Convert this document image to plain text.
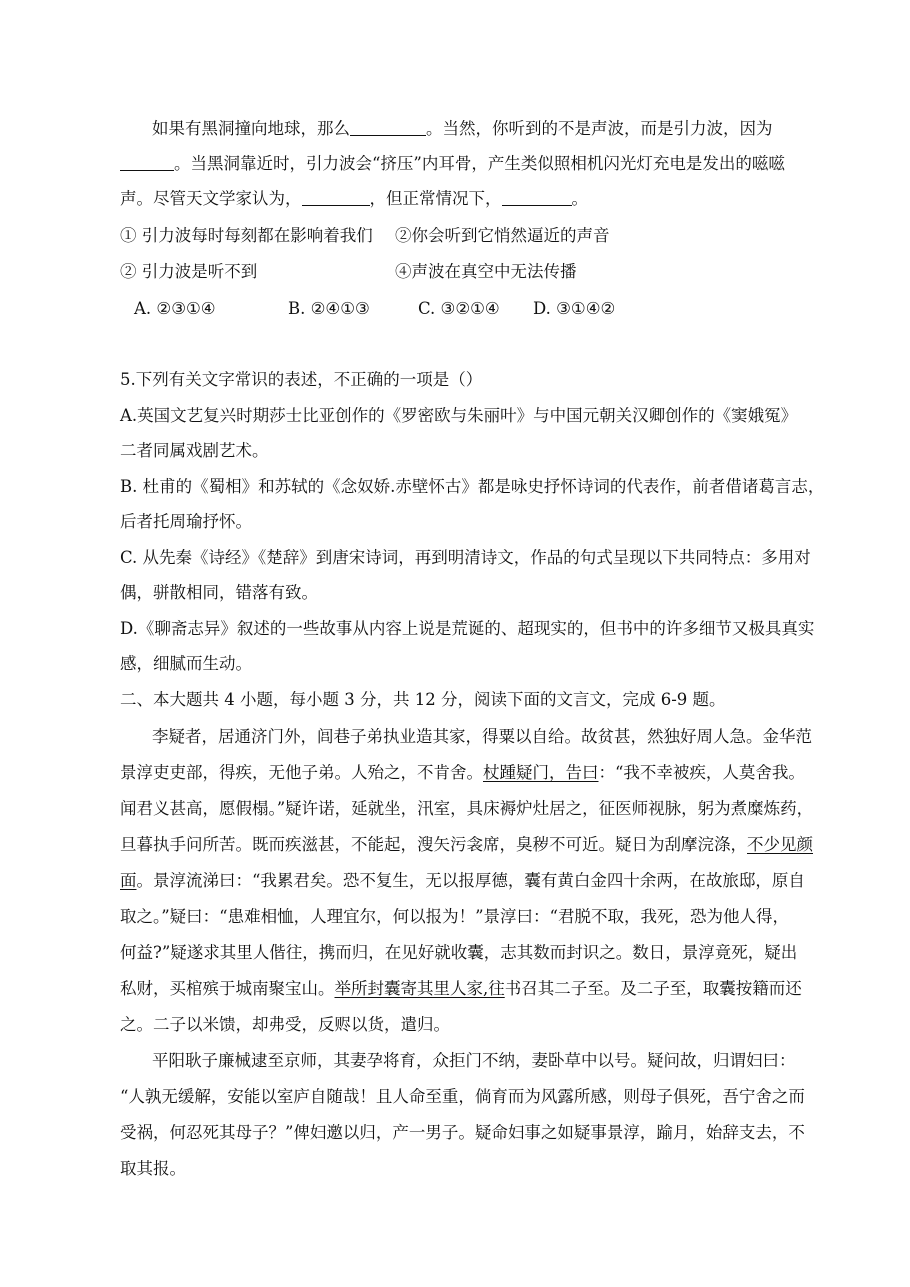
如果有黑洞撞向地球，那么	。当然，你听到的不是声波，而是引力波，因为
。当黑洞靠近时，引力波会“挤压”内耳骨，产生类似照相机闪光灯充电是发出的嗞嗞
声。尽管天文学家认为，	，但正常情况下，	。
① 引力波每时每刻都在影响着我们 ②你会听到它悄然逼近的声音
② 引力波是听不到	④声波在真空中无法传播
A. ②③①④	B. ②④①③	C. ③②①④ D. ③①④②
5.下列有关文字常识的表述，不正确的一项是（）
A.英国文艺复兴时期莎士比亚创作的《罗密欧与朱丽叶》与中国元朝关汉卿创作的《窦娥冤》
二者同属戏剧艺术。
B. 杜甫的《蜀相》和苏轼的《念奴娇.赤壁怀古》都是咏史抒怀诗词的代表作，前者借诸葛言志，
后者托周瑜抒怀。
C. 从先秦《诗经》《楚辞》到唐宋诗词，再到明清诗文，作品的句式呈现以下共同特点：多用对
偶，骈散相同，错落有致。
D.《聊斋志异》叙述的一些故事从内容上说是荒诞的、超现实的，但书中的许多细节又极具真实
感，细腻而生动。
二、本大题共 4 小题，每小题 3 分，共 12 分，阅读下面的文言文，完成 6-9 题。
李疑者，居通济门外，闾巷子弟执业造其家，得粟以自给。故贫甚，然独好周人急。金华范
景淳吏吏部，得疾，无他子弟。人殆之，不肯舍。杖踵疑门，告曰：“我不幸被疾，人莫舍我。
闻君义甚高，愿假榻。”疑许诺，延就坐，汛室，具床褥炉灶居之，征医师视脉，躬为煮糜炼药，
旦暮执手问所苦。既而疾滋甚，不能起，溲矢污衾席，臭秽不可近。疑日为刮摩浣涤，不少见颜
面。景淳流涕曰：“我累君矣。恐不复生，无以报厚德，囊有黄白金四十余两，在故旅邸，原自
取之。”疑曰：“患难相恤，人理宜尔，何以报为！”景淳曰：“君脱不取，我死，恐为他人得，
何益?”疑遂求其里人偕往，携而归，在见好就收囊，志其数而封识之。数日，景淳竟死，疑出
私财，买棺殡于城南聚宝山。举所封囊寄其里人家,往书召其二子至。及二子至，取囊按籍而还
之。二子以米馈，却弗受，反赆以货，遣归。
平阳耿子廉械逮至京师，其妻孕将育，众拒门不纳，妻卧草中以号。疑问故，归谓妇曰：
“人孰无缓解，安能以室庐自随哉！且人命至重，倘育而为风露所感，则母子俱死，吾宁舍之而
受祸，何忍死其母子？”俾妇邀以归，产一男子。疑命妇事之如疑事景淳，踰月，始辞支去，不
取其报。
